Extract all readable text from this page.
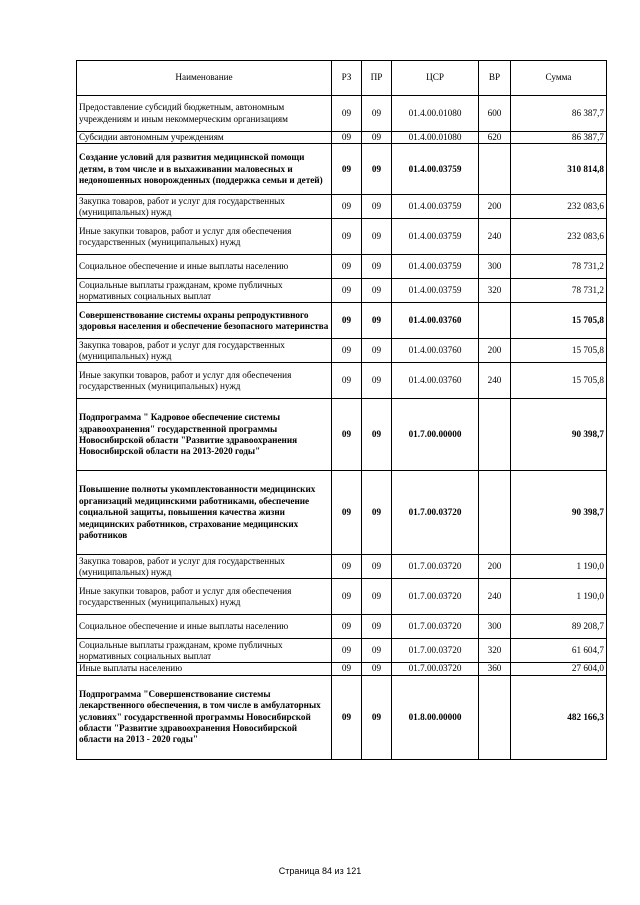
Наименование	РЗ	ПР	ЦСР	ВР	Сумма
Предоставление субсидий бюджетным, автономным учреждениям и иным некоммерческим организациям	09	09	01.4.00.01080	600	86 387,7
Субсидии автономным учреждениям	09	09	01.4.00.01080	620	86 387,7
Создание условий для развития медицинской помощи детям, в том числе и в выхаживании маловесных и недоношенных новорожденных (поддержка семьи и детей)	09	09	01.4.00.03759		310 814,8
Закупка товаров, работ и услуг для государственных (муниципальных) нужд	09	09	01.4.00.03759	200	232 083,6
Иные закупки товаров, работ и услуг для обеспечения государственных (муниципальных) нужд	09	09	01.4.00.03759	240	232 083,6
Социальное обеспечение и иные выплаты населению	09	09	01.4.00.03759	300	78 731,2
Социальные выплаты гражданам, кроме публичных нормативных социальных выплат	09	09	01.4.00.03759	320	78 731,2
Совершенствование системы охраны репродуктивного здоровья населения и обеспечение безопасного материнства	09	09	01.4.00.03760		15 705,8
Закупка товаров, работ и услуг для государственных (муниципальных) нужд	09	09	01.4.00.03760	200	15 705,8
Иные закупки товаров, работ и услуг для обеспечения государственных (муниципальных) нужд	09	09	01.4.00.03760	240	15 705,8
Подпрограмма " Кадровое обеспечение системы здравоохранения" государственной программы Новосибирской области "Развитие здравоохранения Новосибирской области на 2013-2020 годы"	09	09	01.7.00.00000		90 398,7
Повышение полноты укомплектованности медицинских организаций медицинскими работниками, обеспечение социальной защиты, повышения качества жизни медицинских работников, страхование медицинских работников	09	09	01.7.00.03720		90 398,7
Закупка товаров, работ и услуг для государственных (муниципальных) нужд	09	09	01.7.00.03720	200	1 190,0
Иные закупки товаров, работ и услуг для обеспечения государственных (муниципальных) нужд	09	09	01.7.00.03720	240	1 190,0
Социальное обеспечение и иные выплаты населению	09	09	01.7.00.03720	300	89 208,7
Социальные выплаты гражданам, кроме публичных нормативных социальных выплат	09	09	01.7.00.03720	320	61 604,7
Иные выплаты населению	09	09	01.7.00.03720	360	27 604,0
Подпрограмма "Совершенствование системы лекарственного обеспечения, в том числе в амбулаторных условиях" государственной программы Новосибирской области "Развитие здравоохранения Новосибирской области на 2013 - 2020 годы"	09	09	01.8.00.00000		482 166,3
Страница 84 из 121
